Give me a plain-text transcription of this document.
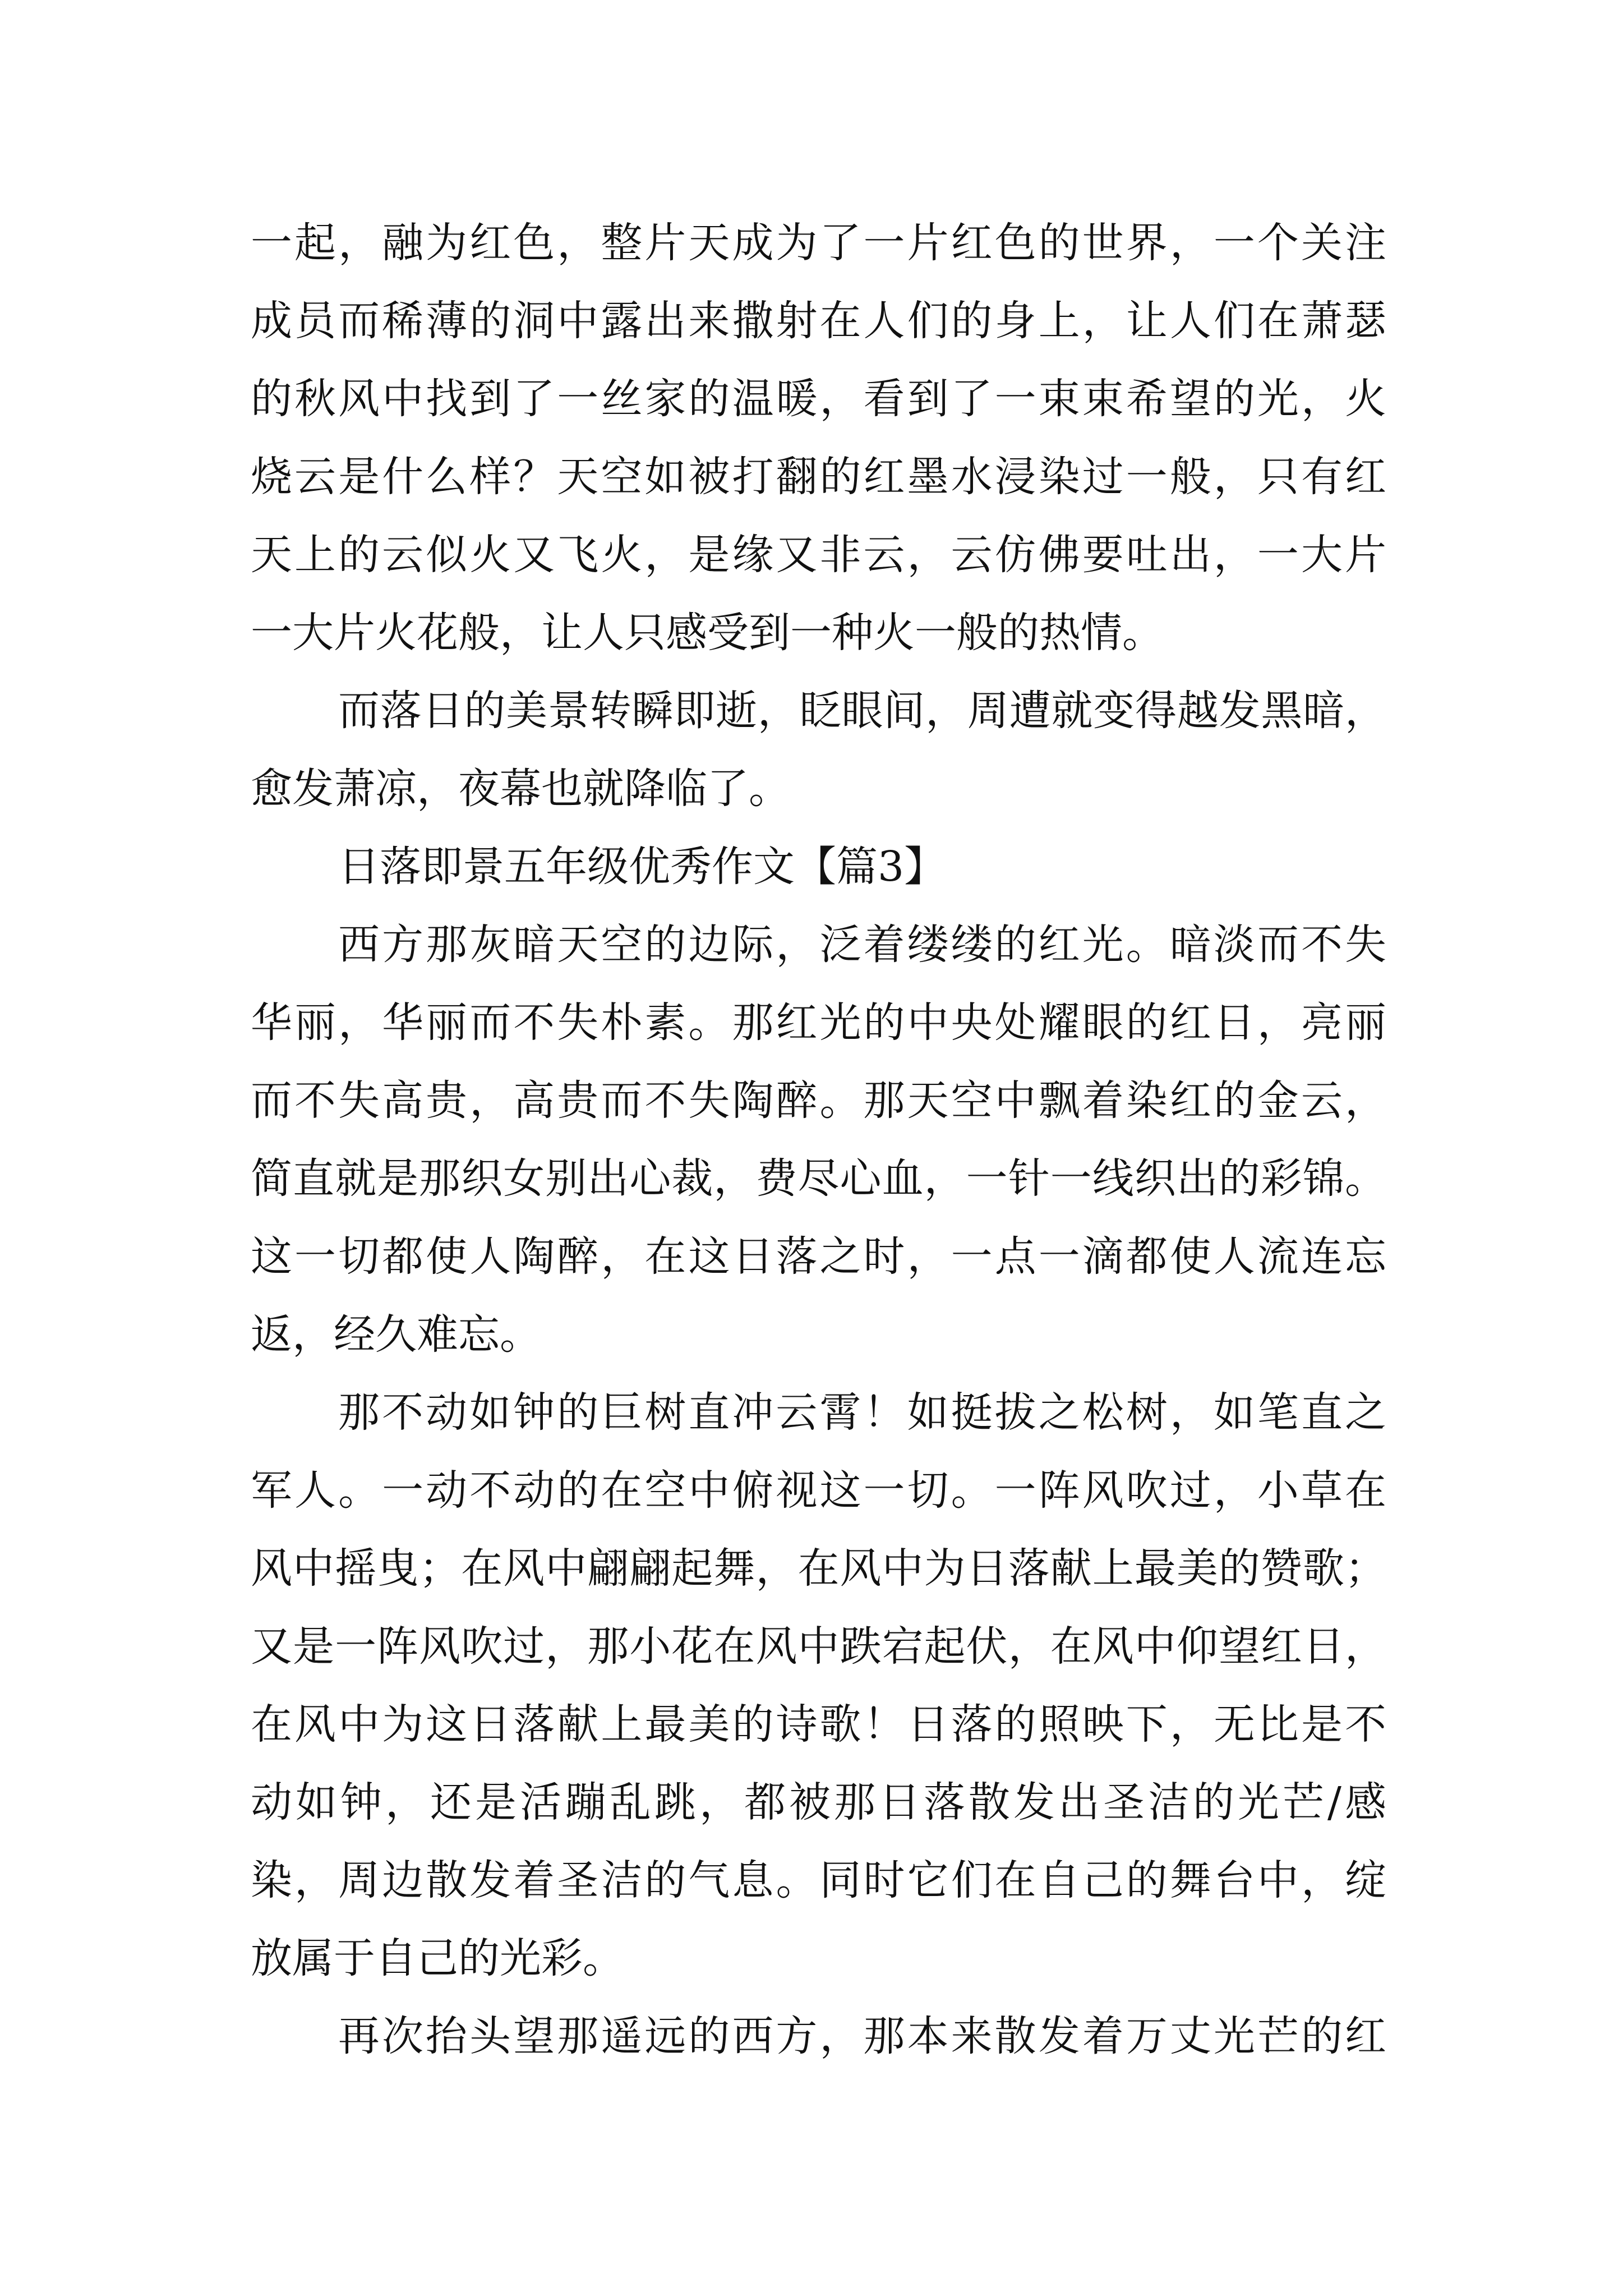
一起，融为红色，整片天成为了一片红色的世界，一个关注
成员而稀薄的洞中露出来撒射在人们的身上，让人们在萧瑟
的秋风中找到了一丝家的温暖，看到了一束束希望的光，火
烧云是什么样？天空如被打翻的红墨水浸染过一般，只有红
天上的云似火又飞火，是缘又非云，云仿佛要吐出，一大片
一大片火花般，让人只感受到一种火一般的热情。
而落日的美景转瞬即逝，眨眼间，周遭就变得越发黑暗，
愈发萧凉，夜幕也就降临了。
日落即景五年级优秀作文【篇3】
西方那灰暗天空的边际，泛着缕缕的红光。暗淡而不失
华丽，华丽而不失朴素。那红光的中央处耀眼的红日，亮丽
而不失高贵，高贵而不失陶醉。那天空中飘着染红的金云，
简直就是那织女别出心裁，费尽心血，一针一线织出的彩锦。
这一切都使人陶醉，在这日落之时，一点一滴都使人流连忘
返，经久难忘。
那不动如钟的巨树直冲云霄！如挺拔之松树，如笔直之
军人。一动不动的在空中俯视这一切。一阵风吹过，小草在
风中摇曳；在风中翩翩起舞，在风中为日落献上最美的赞歌；
又是一阵风吹过，那小花在风中跌宕起伏，在风中仰望红日，
在风中为这日落献上最美的诗歌！日落的照映下，无比是不
动如钟，还是活蹦乱跳，都被那日落散发出圣洁的光芒/感
染，周边散发着圣洁的气息。同时它们在自己的舞台中，绽
放属于自己的光彩。
再次抬头望那遥远的西方，那本来散发着万丈光芒的红
